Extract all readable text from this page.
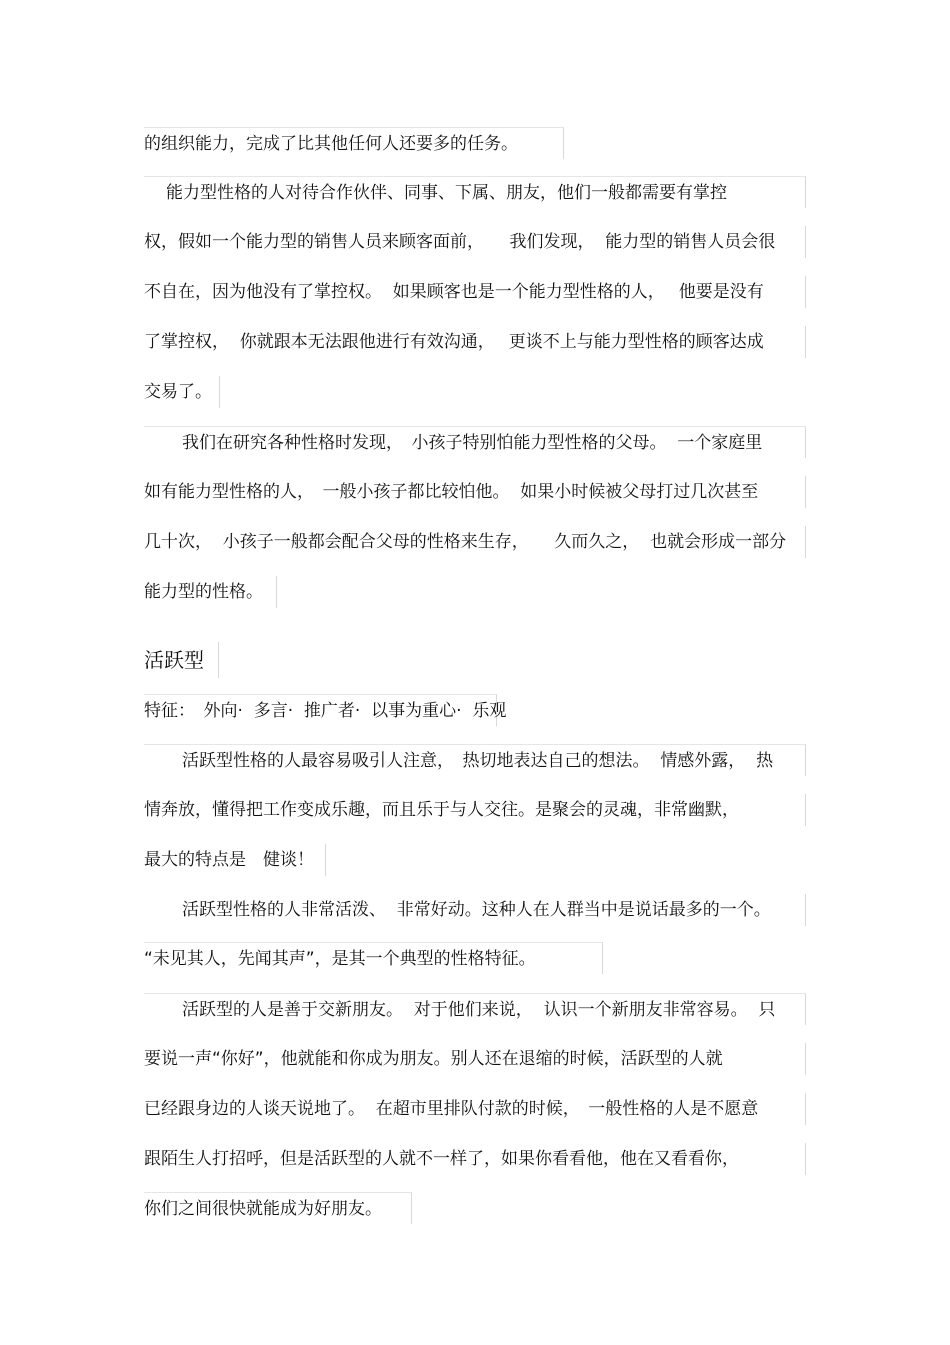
的组织能力，完成了比其他任何人还要多的任务。
能力型性格的人对待合作伙伴、同事、下属、朋友，他们一般都需要有掌控
权，假如一个能力型的销售人员来顾客面前，　　我们发现，  能力型的销售人员会很
不自在，因为他没有了掌控权。  如果顾客也是一个能力型性格的人，　 他要是没有
了掌控权，  你就跟本无法跟他进行有效沟通，　 更谈不上与能力型性格的顾客达成
交易了。
我们在研究各种性格时发现，　小孩子特别怕能力型性格的父母。  一个家庭里
如有能力型性格的人，　一般小孩子都比较怕他。  如果小时候被父母打过几次甚至
几十次，  小孩子一般都会配合父母的性格来生存，　　久而久之，  也就会形成一部分
能力型的性格。
活跃型
特征：　外向·  多言·  推广者·  以事为重心·  乐观
活跃型性格的人最容易吸引人注意，　热切地表达自己的想法。  情感外露，  热
情奔放，懂得把工作变成乐趣，而且乐于与人交往。是聚会的灵魂，非常幽默，
最大的特点是　健谈！
活跃型性格的人非常活泼、  非常好动。这种人在人群当中是说话最多的一个。
“未见其人，先闻其声”，是其一个典型的性格特征。
活跃型的人是善于交新朋友。  对于他们来说，  认识一个新朋友非常容易。  只
要说一声“你好”，他就能和你成为朋友。别人还在退缩的时候，活跃型的人就
已经跟身边的人谈天说地了。  在超市里排队付款的时候，　一般性格的人是不愿意
跟陌生人打招呼，但是活跃型的人就不一样了，如果你看看他，他在又看看你，
你们之间很快就能成为好朋友。
